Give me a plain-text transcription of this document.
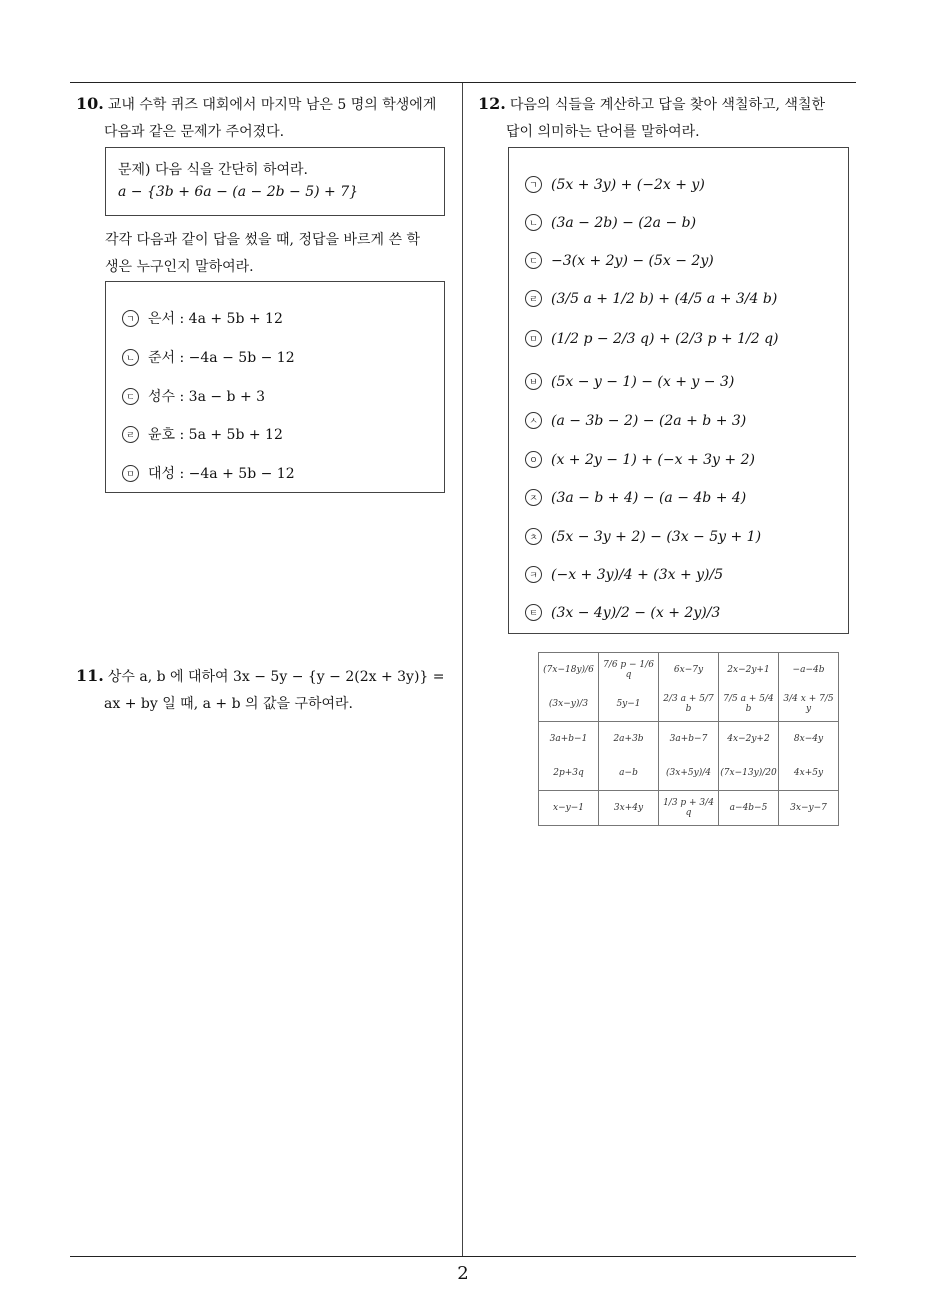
10. 교내 수학 퀴즈 대회에서 마지막 남은 5 명의 학생에게
다음과 같은 문제가 주어졌다.
문제) 다음 식을 간단히 하여라.
a − {3b + 6a − (a − 2b − 5) + 7}
각각 다음과 같이 답을 썼을 때, 정답을 바르게 쓴 학
생은 누구인지 말하여라.
ㄱ 은서 : 4a + 5b + 12
ㄴ 준서 : −4a − 5b − 12
ㄷ 성수 : 3a − b + 3
ㄹ 윤호 : 5a + 5b + 12
ㅁ 대성 : −4a + 5b − 12
11. 상수 a, b 에 대하여 3x − 5y − {y − 2(2x + 3y)} =
ax + by 일 때, a + b 의 값을 구하여라.
12. 다음의 식들을 계산하고 답을 찾아 색칠하고, 색칠한
답이 의미하는 단어를 말하여라.
ㄱ (5x + 3y) + (−2x + y)
ㄴ (3a − 2b) − (2a − b)
ㄷ −3(x + 2y) − (5x − 2y)
ㄹ (3/5 a + 1/2 b) + (4/5 a + 3/4 b)
ㅁ (1/2 p − 2/3 q) + (2/3 p + 1/2 q)
ㅂ (5x − y − 1) − (x + y − 3)
ㅅ (a − 3b − 2) − (2a + b + 3)
ㅇ (x + 2y − 1) + (−x + 3y + 2)
ㅈ (3a − b + 4) − (a − 4b + 4)
ㅊ (5x − 3y + 2) − (3x − 5y + 1)
ㅋ (−x + 3y)/4 + (3x + y)/5
ㅌ (3x − 4y)/2 − (x + 2y)/3
(7x−18y)/6	7/6 p − 1/6 q	6x−7y	2x−2y+1	−a−4b
(3x−y)/3	5y−1	2/3 a + 5/7 b	7/5 a + 5/4 b	3/4 x + 7/5 y
3a+b−1	2a+3b	3a+b−7	4x−2y+2	8x−4y
2p+3q	a−b	(3x+5y)/4	(7x−13y)/20	4x+5y
x−y−1	3x+4y	1/3 p + 3/4 q	a−4b−5	3x−y−7
2
